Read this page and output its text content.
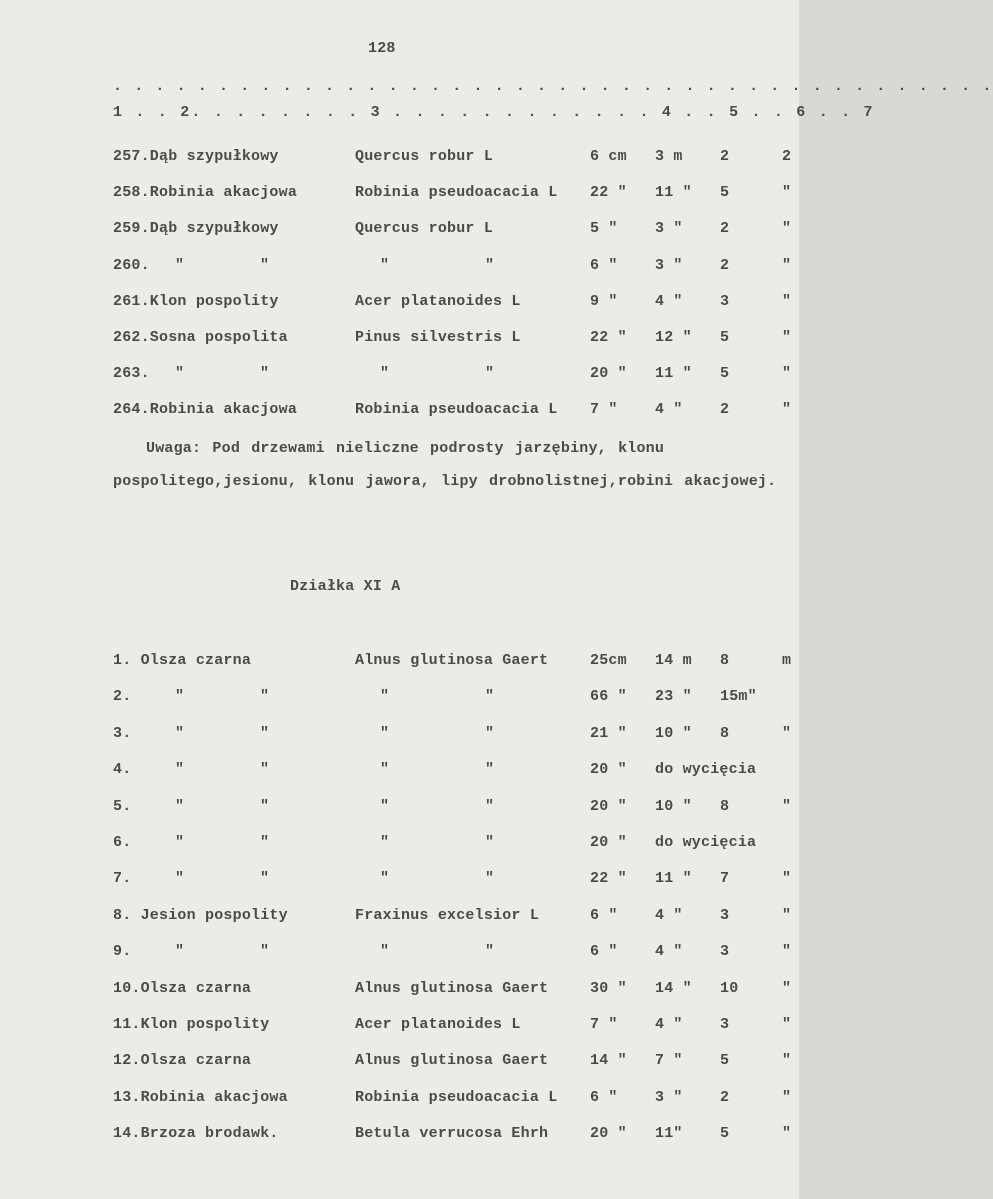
128
. . . . . . . . . . . . . . . . . . . . . . . . . . . . . . . . . . . . . . . . . .
1 . . 2. . . . . . . . 3 . . . . . . . . . . . . 4 . . 5 . . 6 . . 7
257.Dąb szypułkowy	Quercus robur L	6 cm 3 m 2	2
258.Robinia akacjowa	Robinia pseudoacacia L 22 " 11 " 5	"
259.Dąb szypułkowy	Quercus robur L	5 " 3 " 2	"
260. "	"	"	"	6 " 3 " 2	"
261.Klon pospolity	Acer platanoides L	9 " 4 " 3	"
262.Sosna pospolita	Pinus silvestris L	22 " 12 " 5	"
263. "	"	"	"	20 " 11 " 5	"
264.Robinia akacjowa	Robinia pseudoacacia L 7 " 4 " 2	"
Uwaga: Pod drzewami nieliczne podrosty jarzębiny, klonu pospolitego,jesionu, klonu jawora, lipy drobnolistnej,robini akacjowej.
Działka XI A
1. Olsza czarna	Alnus glutinosa Gaert	25cm 14 m 8	m
2.	"	"	"	"	66 " 23 " 15m"
3.	"	"	"	"	21 " 10 " 8	"
4.	"	"	"	"	20 " do wycięcia
5.	"	"	"	"	20 " 10 " 8	"
6.	"	"	"	"	20 " do wycięcia
7.	"	"	"	"	22 " 11 " 7	"
8. Jesion pospolity	Fraxinus excelsior L	6 " 4 " 3	"
9.	"	"	"	"	6 " 4 " 3	"
10.Olsza czarna	Alnus glutinosa Gaert	30 " 14 " 10	"
11.Klon pospolity	Acer platanoides L	7 " 4 " 3	"
12.Olsza czarna	Alnus glutinosa Gaert	14 " 7 " 5	"
13.Robinia akacjowa	Robinia pseudoacacia L 6 " 3 " 2	"
14.Brzoza brodawk.	Betula verrucosa Ehrh	20 " 11" 5	"
